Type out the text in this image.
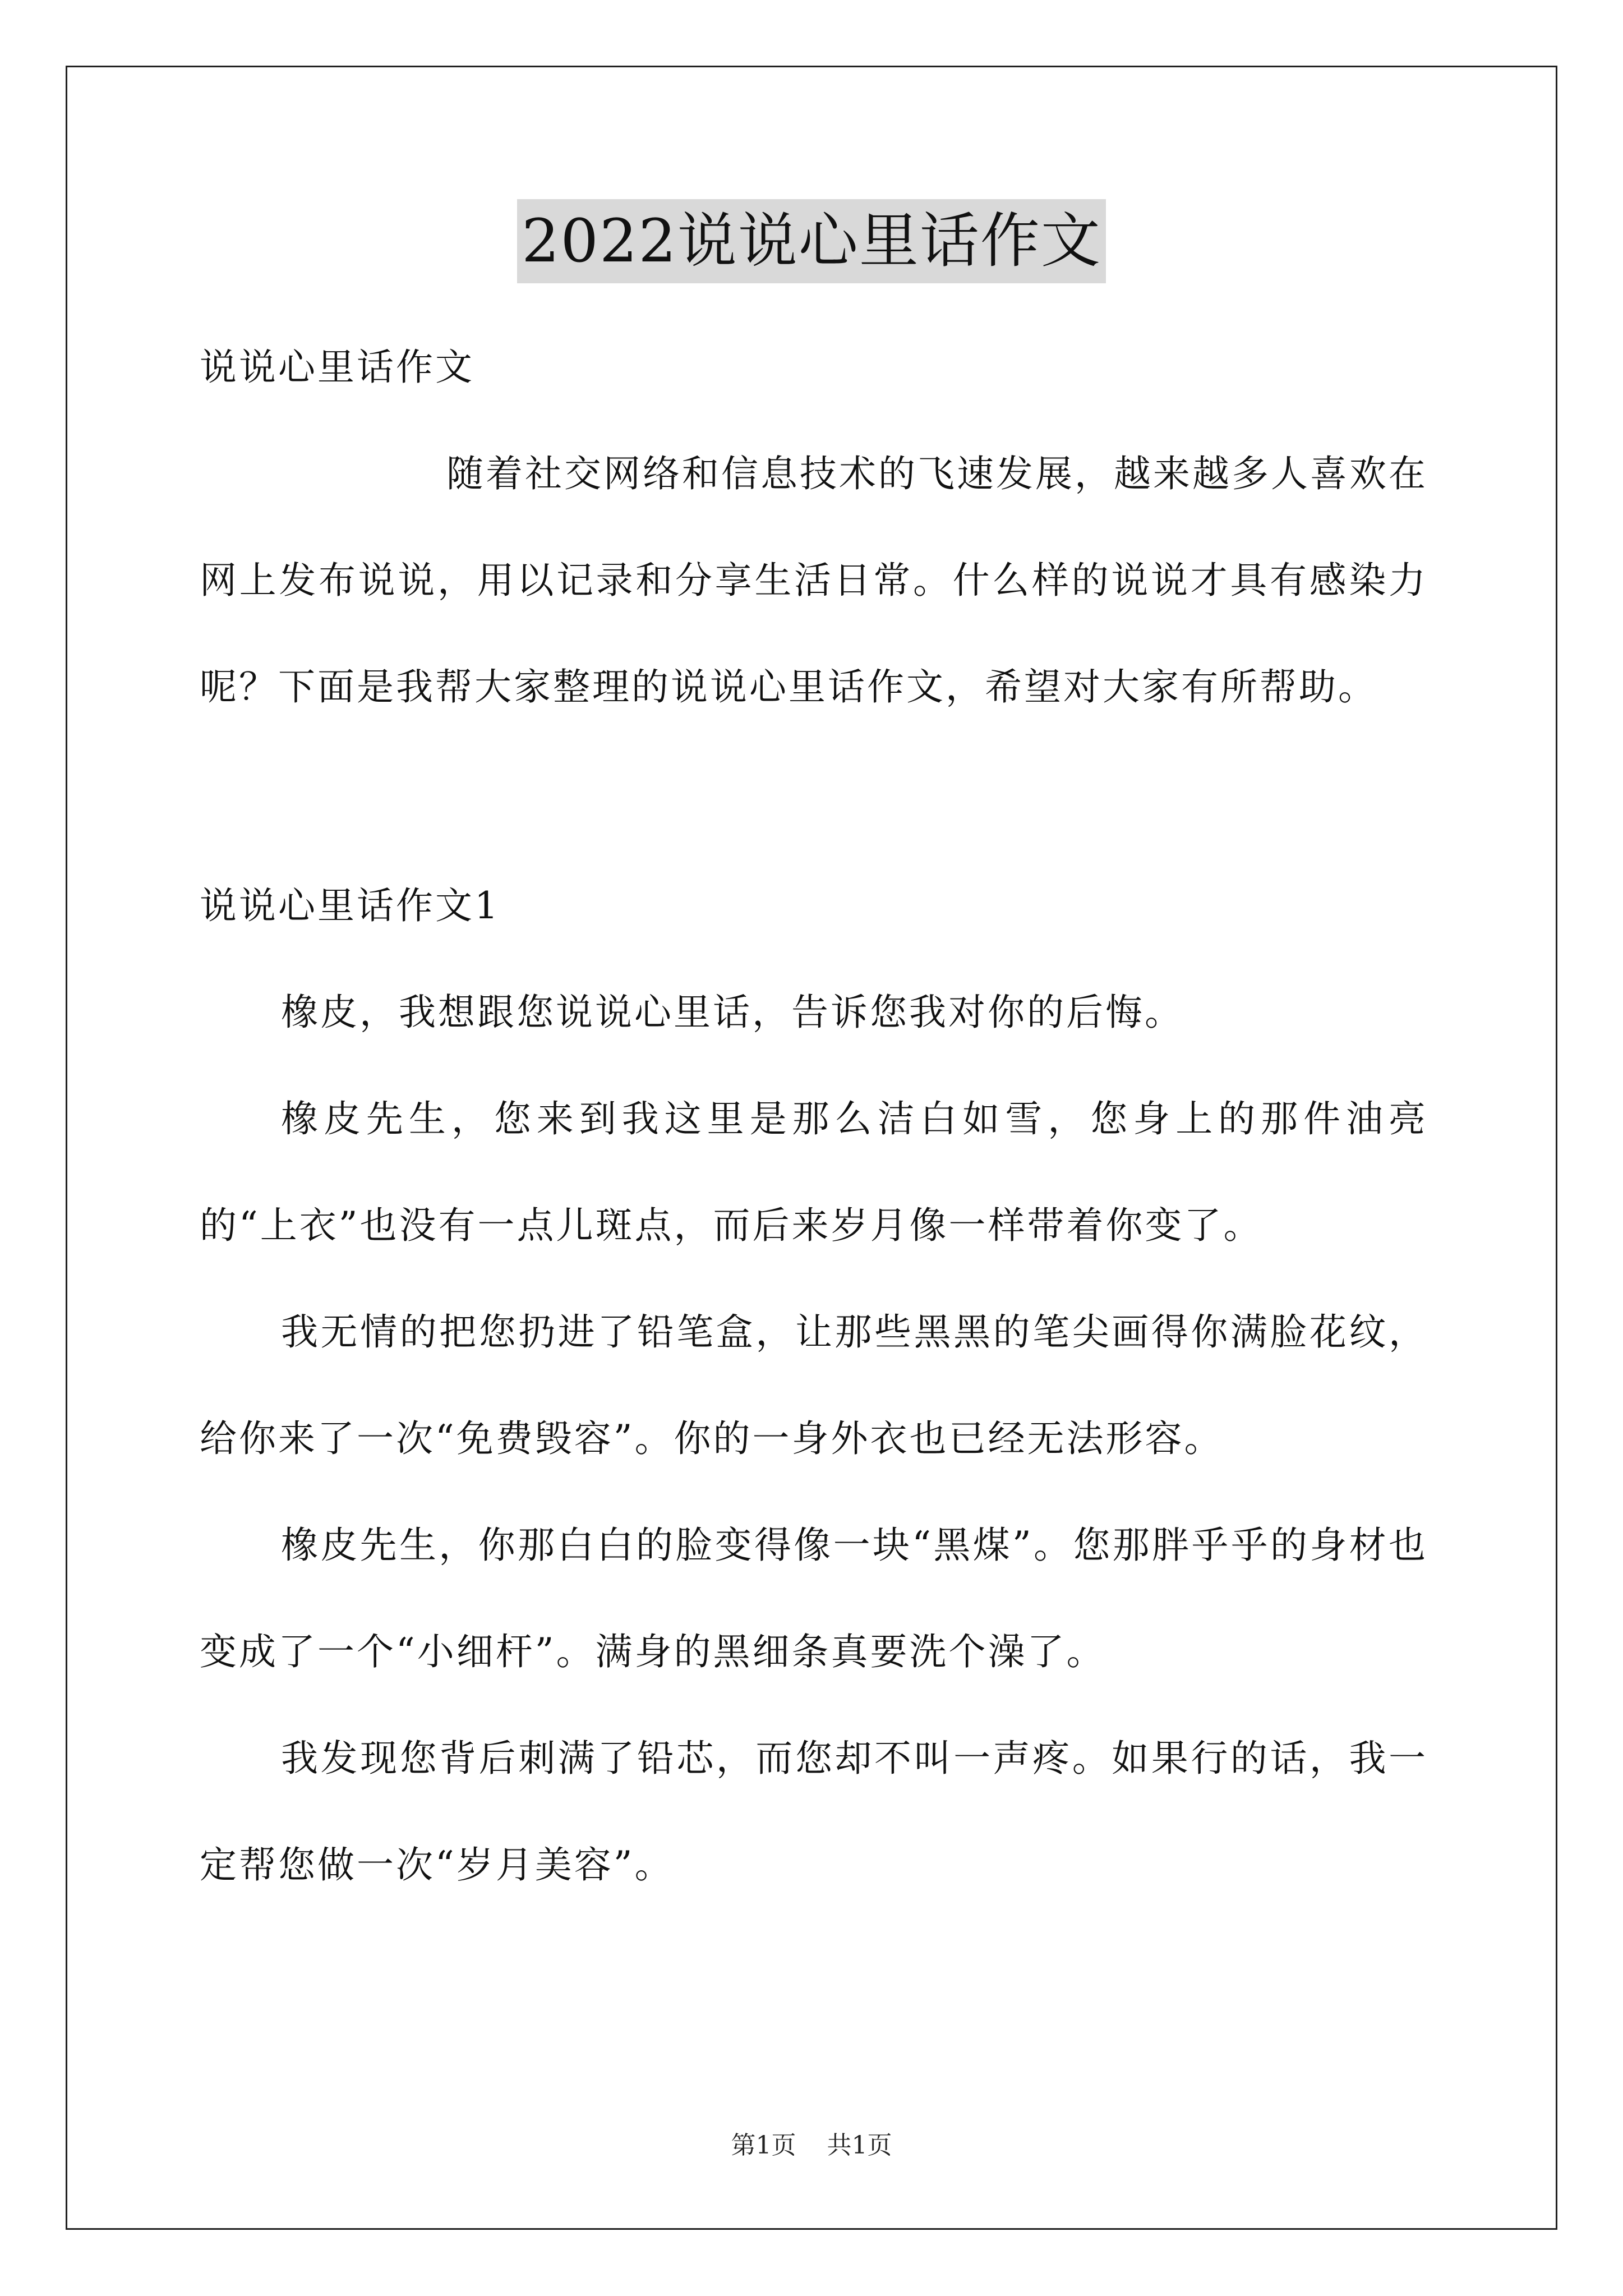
2022说说心里话作文

说说心里话作文

随着社交网络和信息技术的飞速发展，越来越多人喜欢在网上发布说说，用以记录和分享生活日常。什么样的说说才具有感染力呢？下面是我帮大家整理的说说心里话作文，希望对大家有所帮助。

说说心里话作文1

橡皮，我想跟您说说心里话，告诉您我对你的后悔。

橡皮先生，您来到我这里是那么洁白如雪，您身上的那件油亮的“上衣”也没有一点儿斑点，而后来岁月像一样带着你变了。

我无情的把您扔进了铅笔盒，让那些黑黑的笔尖画得你满脸花纹，给你来了一次“免费毁容”。你的一身外衣也已经无法形容。

橡皮先生，你那白白的脸变得像一块“黑煤”。您那胖乎乎的身材也变成了一个“小细杆”。满身的黑细条真要洗个澡了。

我发现您背后刺满了铅芯，而您却不叫一声疼。如果行的话，我一定帮您做一次“岁月美容”。

第1页 共1页
